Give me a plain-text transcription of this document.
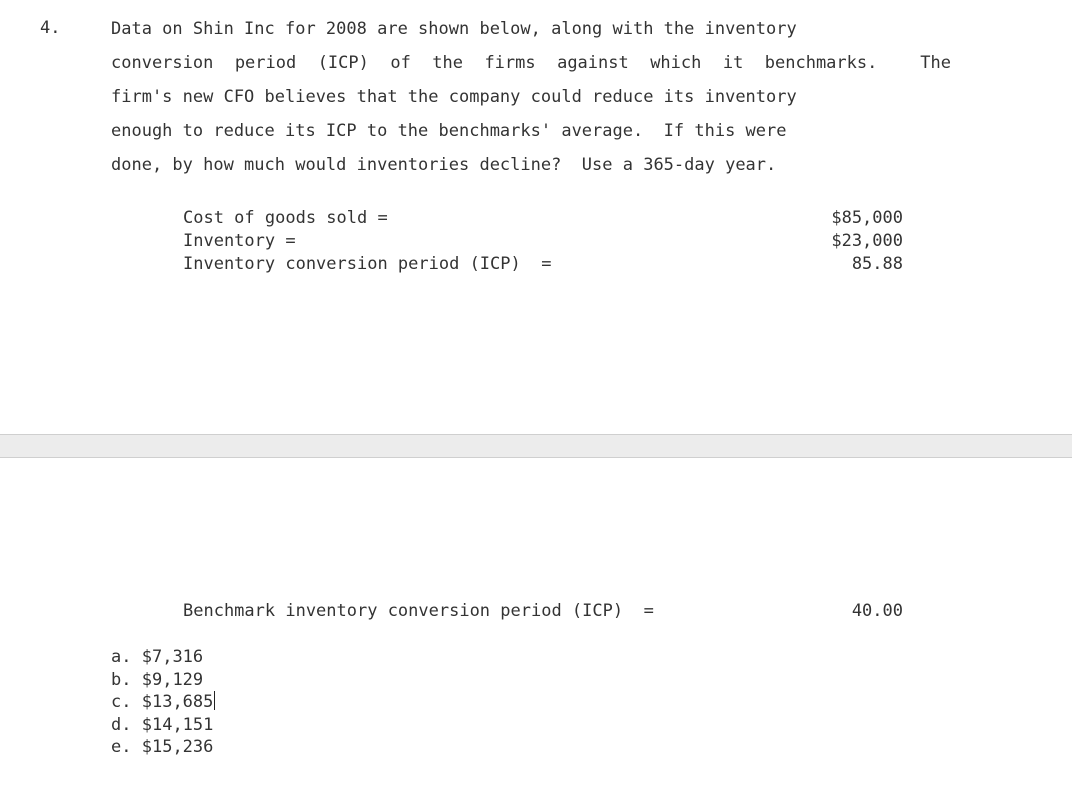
4.	Data on Shin Inc for 2008 are shown below, along with the inventory
conversion period (ICP) of the firms against which it benchmarks.  The
firm's new CFO believes that the company could reduce its inventory
enough to reduce its ICP to the benchmarks' average.  If this were
done, by how much would inventories decline?  Use a 365-day year.
Cost of goods sold =	$85,000
Inventory =	$23,000
Inventory conversion period (ICP)  =	85.88
Benchmark inventory conversion period (ICP)  =	40.00
a. $7,316
b. $9,129
c. $13,685
d. $14,151
e. $15,236
